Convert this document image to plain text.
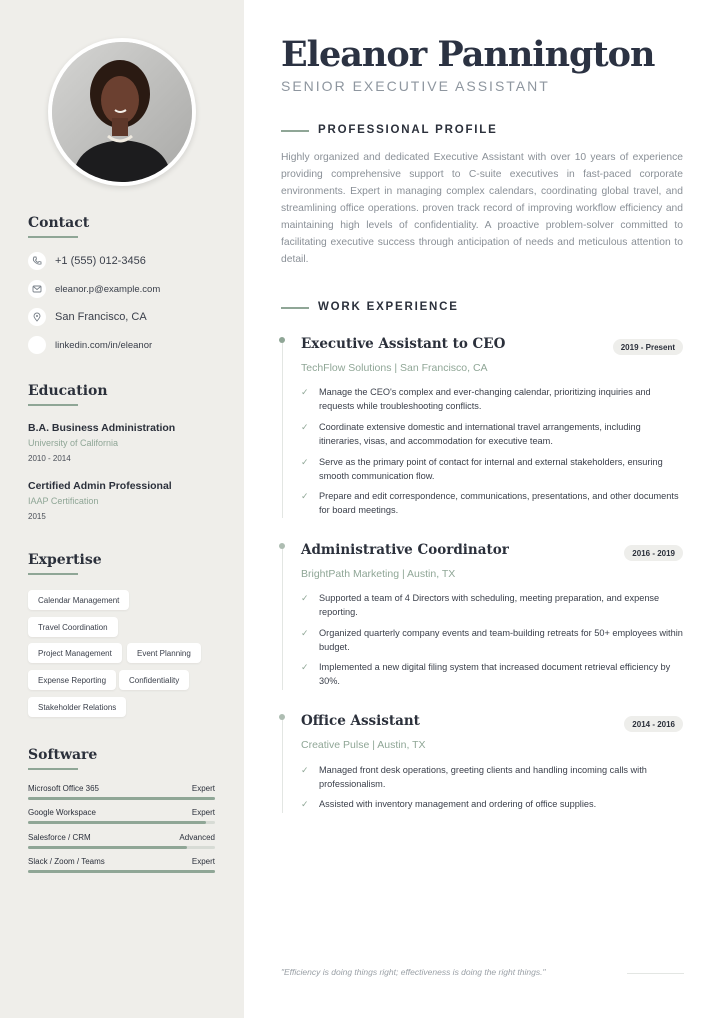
Contact
+1 (555) 012-3456
eleanor.p@example.com
San Francisco, CA
linkedin.com/in/eleanor
Education
B.A. Business Administration
University of California
2010 - 2014
Certified Admin Professional
IAAP Certification
2015
Expertise
Calendar Management
Travel Coordination
Project Management	Event Planning
Expense Reporting	Confidentiality
Stakeholder Relations
Software
Microsoft Office 365	Expert
Google Workspace	Expert
Salesforce / CRM	Advanced
Slack / Zoom / Teams	Expert
Eleanor Pannington
SENIOR EXECUTIVE ASSISTANT
PROFESSIONAL PROFILE
Highly organized and dedicated Executive Assistant with over 10 years of experience providing comprehensive support to C-suite executives in fast-paced corporate environments. Expert in managing complex calendars, coordinating global travel, and streamlining office operations. proven track record of improving workflow efficiency and maintaining high levels of confidentiality. A proactive problem-solver committed to facilitating executive success through anticipation of needs and meticulous attention to detail.
WORK EXPERIENCE
Executive Assistant to CEO	2019 - Present
TechFlow Solutions | San Francisco, CA
✓	Manage the CEO's complex and ever-changing calendar, prioritizing inquiries and requests while troubleshooting conflicts.
✓	Coordinate extensive domestic and international travel arrangements, including itineraries, visas, and accommodation for executive team.
✓	Serve as the primary point of contact for internal and external stakeholders, ensuring smooth communication flow.
✓	Prepare and edit correspondence, communications, presentations, and other documents for board meetings.
Administrative Coordinator	2016 - 2019
BrightPath Marketing | Austin, TX
✓	Supported a team of 4 Directors with scheduling, meeting preparation, and expense reporting.
✓	Organized quarterly company events and team-building retreats for 50+ employees within budget.
✓	Implemented a new digital filing system that increased document retrieval efficiency by 30%.
Office Assistant	2014 - 2016
Creative Pulse | Austin, TX
✓	Managed front desk operations, greeting clients and handling incoming calls with professionalism.
✓	Assisted with inventory management and ordering of office supplies.
"Efficiency is doing things right; effectiveness is doing the right things."
